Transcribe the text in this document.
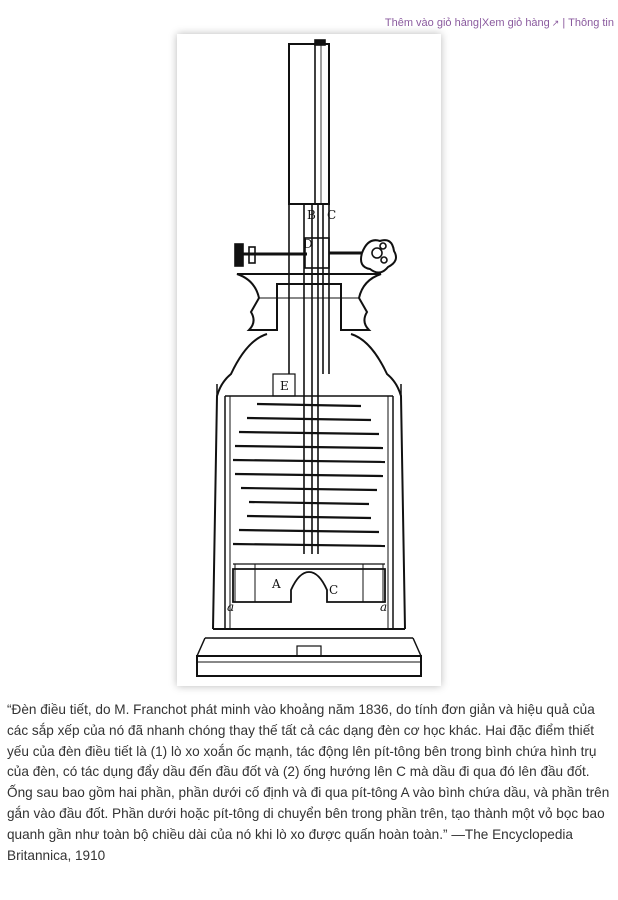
Thêm vào giỏ hàng|Xem giỏ hàng ↗ | Thông tin
B C
D
E
A	C
a	a

“Đèn điều tiết, do M. Franchot phát minh vào khoảng năm 1836, do tính đơn giản và hiệu quả của các sắp xếp của nó đã nhanh chóng thay thế tất cả các dạng đèn cơ học khác. Hai đặc điểm thiết yếu của đèn điều tiết là (1) lò xo xoắn ốc mạnh, tác động lên pít-tông bên trong bình chứa hình trụ của đèn, có tác dụng đẩy dầu đến đầu đốt và (2) ống hướng lên C mà dầu đi qua đó lên đầu đốt. Ống sau bao gồm hai phần, phần dưới cố định và đi qua pít-tông A vào bình chứa dầu, và phần trên gắn vào đầu đốt. Phần dưới hoặc pít-tông di chuyển bên trong phần trên, tạo thành một vỏ bọc bao quanh gần như toàn bộ chiều dài của nó khi lò xo được quấn hoàn toàn.” —The Encyclopedia Britannica, 1910
